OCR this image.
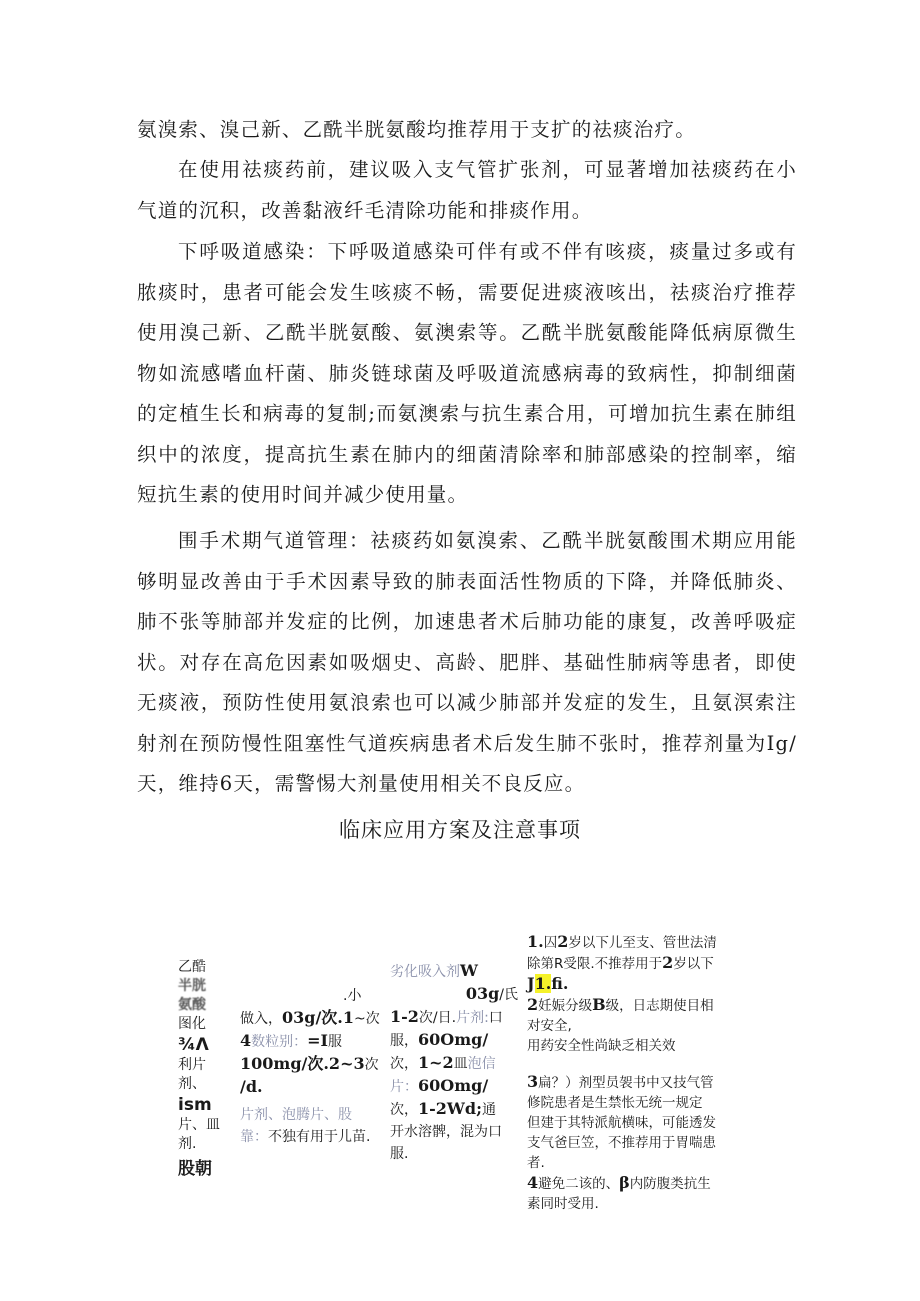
氨溴索、溴己新、乙酰半胱氨酸均推荐用于支扩的祛痰治疗。

在使用祛痰药前，建议吸入支气管扩张剂，可显著增加祛痰药在小气道的沉积，改善黏液纤毛清除功能和排痰作用。

下呼吸道感染：下呼吸道感染可伴有或不伴有咳痰，痰量过多或有脓痰时，患者可能会发生咳痰不畅，需要促进痰液咳出，祛痰治疗推荐使用溴己新、乙酰半胱氨酸、氨澳索等。乙酰半胱氨酸能降低病原微生物如流感嗜血杆菌、肺炎链球菌及呼吸道流感病毒的致病性，抑制细菌的定植生长和病毒的复制;而氨澳索与抗生素合用，可增加抗生素在肺组织中的浓度，提高抗生素在肺内的细菌清除率和肺部感染的控制率，缩短抗生素的使用时间并减少使用量。

围手术期气道管理：祛痰药如氨溴索、乙酰半胱氨酸围术期应用能够明显改善由于手术因素导致的肺表面活性物质的下降，并降低肺炎、肺不张等肺部并发症的比例，加速患者术后肺功能的康复，改善呼吸症状。对存在高危因素如吸烟史、高龄、肥胖、基础性肺病等患者，即使无痰液，预防性使用氨浪索也可以减少肺部并发症的发生，且氨溟索注射剂在预防慢性阻塞性气道疾病患者术后发生肺不张时，推荐剂量为Ig/天，维持6天，需警惕大剂量使用相关不良反应。

临床应用方案及注意事项
乙酷
半胱
氨酸
图化
¾Λ
利片
剂、
ism
片、皿
剂.
股朝
.小
做入，03g/次.1~次
4数粒别：=I服
100mg/次.2~3次
/d.
片剂、泡腾片、股
靠：不独有用于儿苗.
劣化吸入剂W
03g/氏
1-2次/日.片剂:口
服，60Omg/
次，1~2皿泡信
片：60Omg/
次，1-2Wd;通
开水溶髀，混为口
服.
1.囚2岁以下儿至支、管世法清
除第R受限.不推荐用于2岁以下
J1.fi.
2妊娠分级B级，日志期使目相
对安全,
用药安全性尚缺乏相关效
3扁？）剂型员袈书中又技气管
修院患者是生禁怅无统一规定
但建于其特派航横味，可能透发
支气爸巨笠，不推荐用于胃喘患
者.
4避免二该的、β内防腹类抗生
素同时受用.
